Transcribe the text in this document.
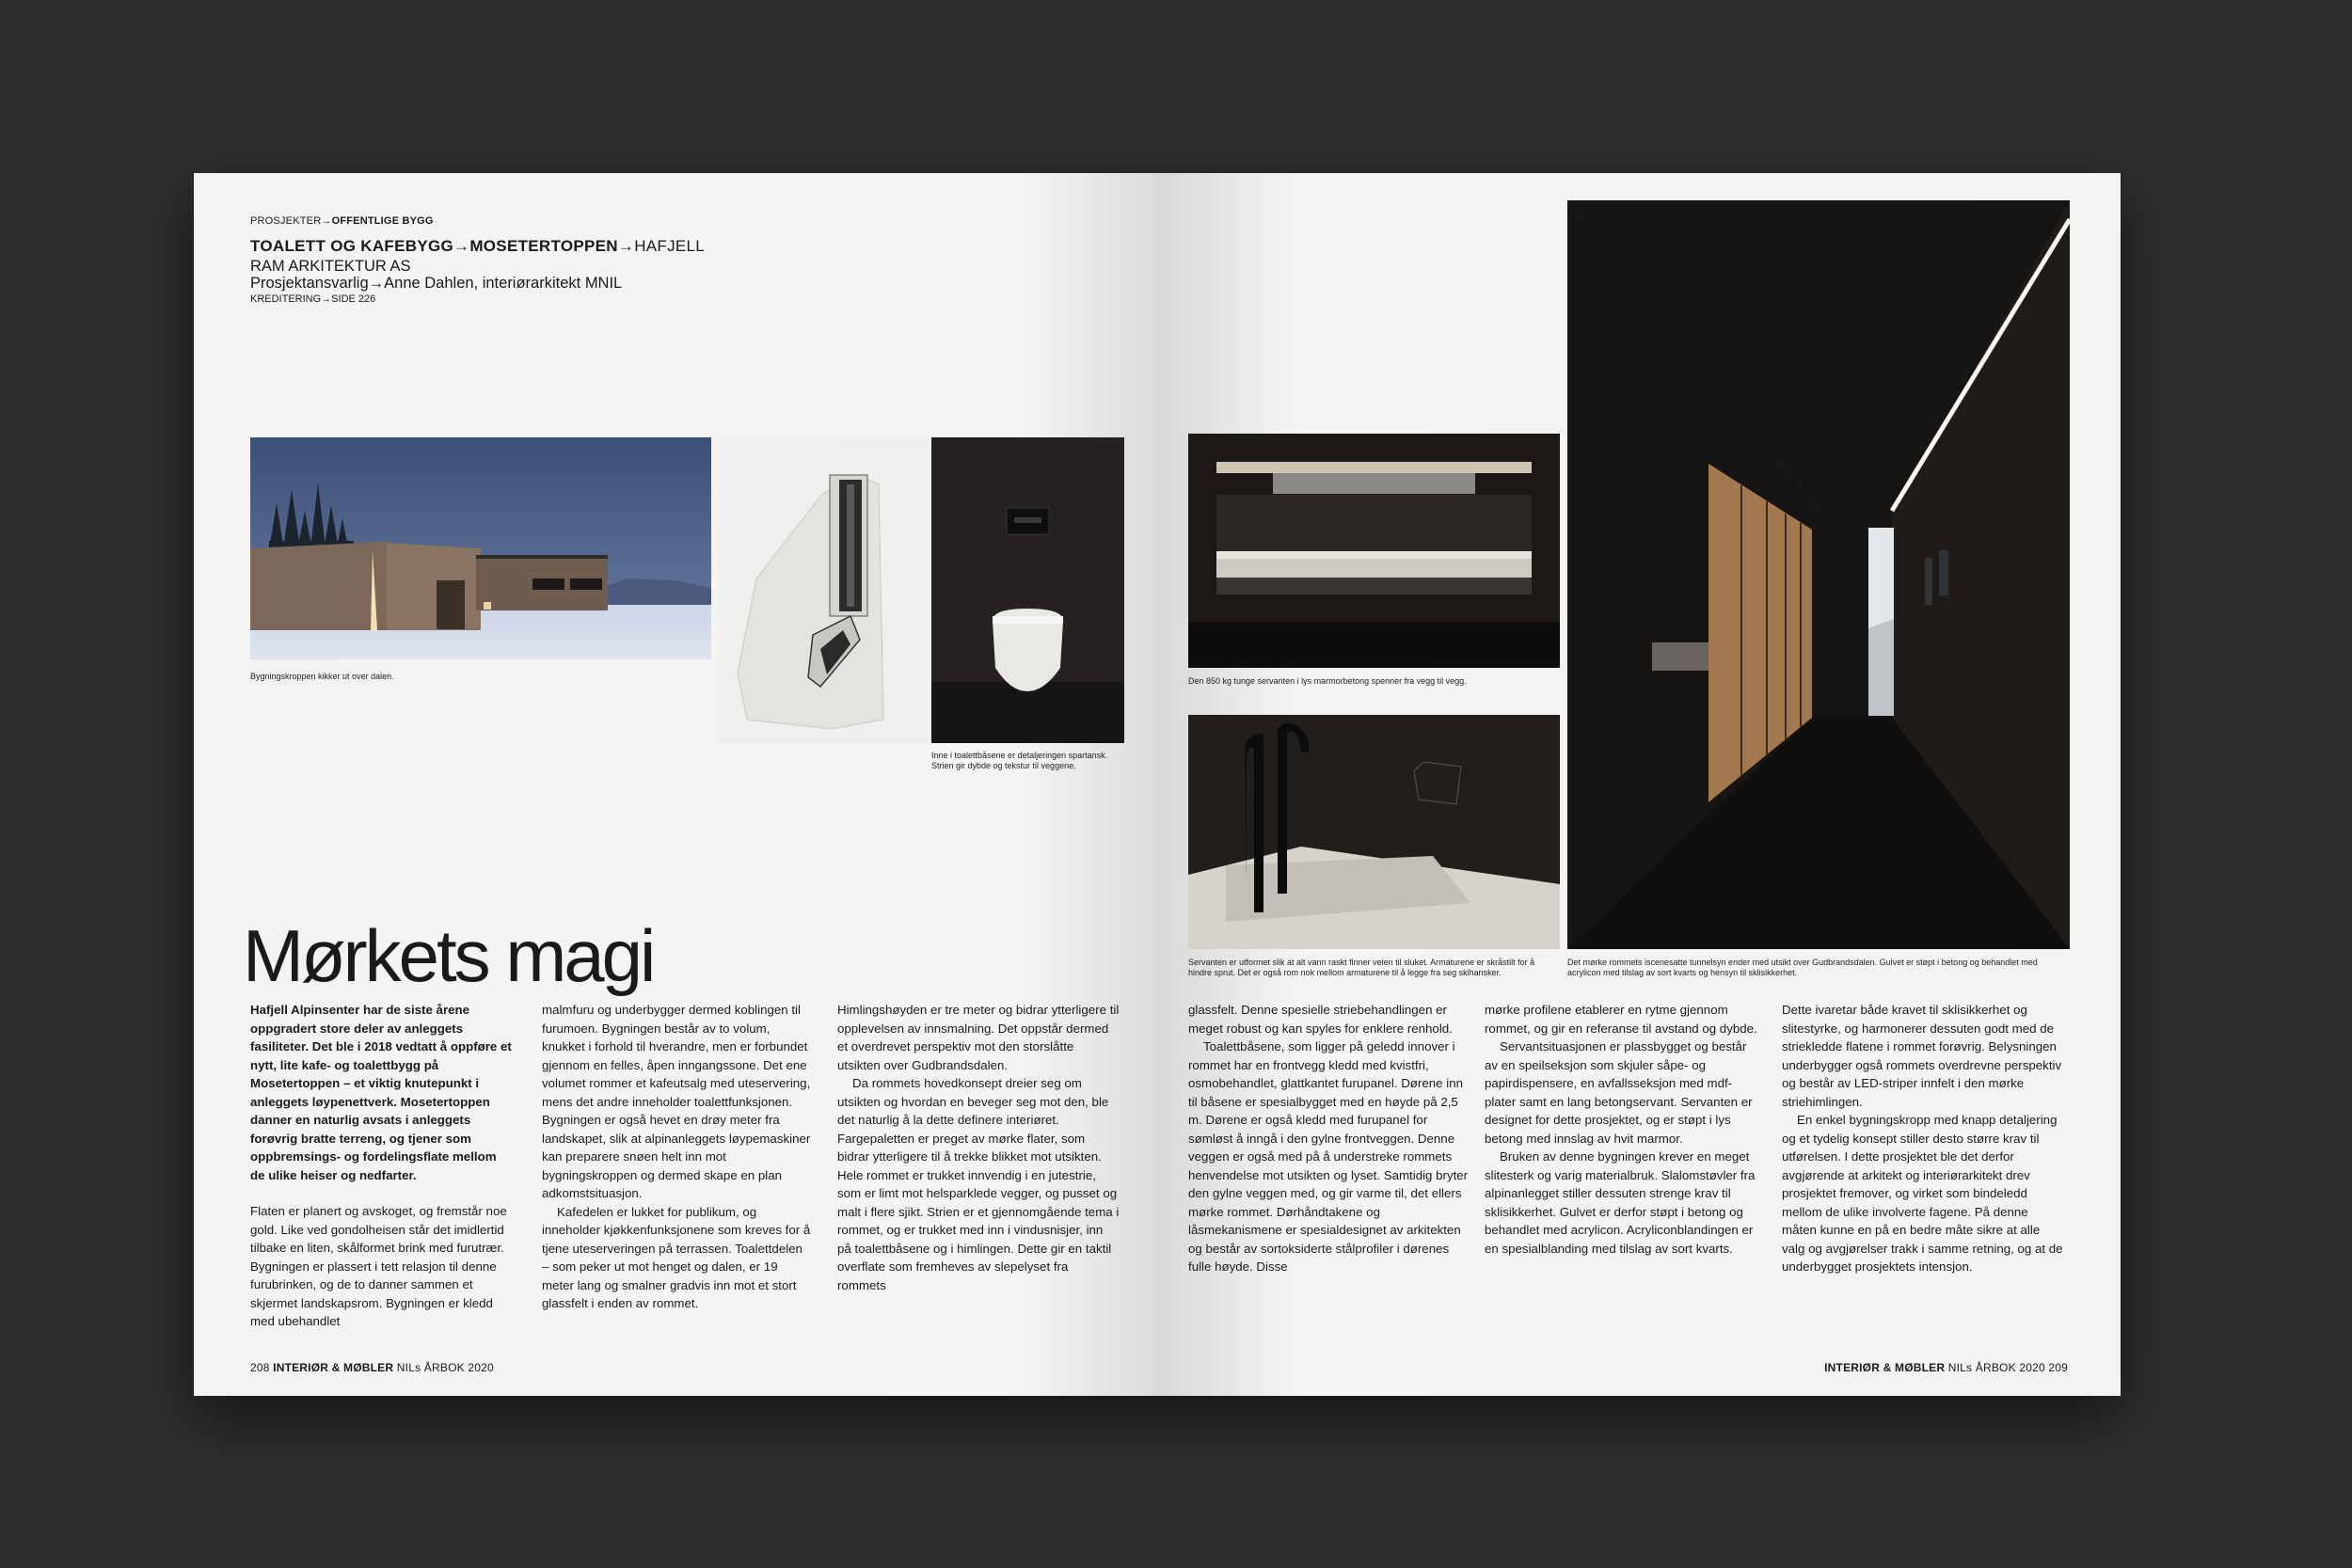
PROSJEKTER→OFFENTLIGE BYGG
TOALETT OG KAFEBYGG→MOSETERTOPPEN→HAFJELL
RAM ARKITEKTUR AS
Prosjektansvarlig→Anne Dahlen, interiørarkitekt MNIL
KREDITERING→SIDE 226
Bygningskroppen kikker ut over dalen.
Inne i toalettbåsene er detaljeringen spartansk. Strien gir dybde og tekstur til veggene.
Mørkets magi

Hafjell Alpinsenter har de siste årene oppgradert store deler av anleggets fasiliteter. Det ble i 2018 vedtatt å oppføre et nytt, lite kafe- og toalettbygg på Mosetertoppen – et viktig knutepunkt i anleggets løypenettverk. Mosetertoppen danner en naturlig avsats i anleggets forøvrig bratte terreng, og tjener som oppbremsings- og fordelingsflate mellom de ulike heiser og nedfarter.

Flaten er planert og avskoget, og fremstår noe gold. Like ved gondolheisen står det imidlertid tilbake en liten, skålformet brink med furutrær. Bygningen er plassert i tett relasjon til denne furubrinken, og de to danner sammen et skjermet landskapsrom. Bygningen er kledd med ubehandlet

malmfuru og underbygger dermed koblingen til furumoen. Bygningen består av to volum, knukket i forhold til hverandre, men er forbundet gjennom en felles, åpen inngangssone. Det ene volumet rommer et kafeutsalg med uteservering, mens det andre inneholder toalettfunksjonen. Bygningen er også hevet en drøy meter fra landskapet, slik at alpinanleggets løypemaskiner kan preparere snøen helt inn mot bygningskroppen og dermed skape en plan adkomstsituasjon.

Kafedelen er lukket for publikum, og inneholder kjøkkenfunksjonene som kreves for å tjene uteserveringen på terrassen. Toalettdelen – som peker ut mot henget og dalen, er 19 meter lang og smalner gradvis inn mot et stort glassfelt i enden av rommet.

Himlingshøyden er tre meter og bidrar ytterligere til opplevelsen av innsmalning. Det oppstår dermed et overdrevet perspektiv mot den storslåtte utsikten over Gudbrandsdalen.

Da rommets hovedkonsept dreier seg om utsikten og hvordan en beveger seg mot den, ble det naturlig å la dette definere interiøret. Fargepaletten er preget av mørke flater, som bidrar ytterligere til å trekke blikket mot utsikten. Hele rommet er trukket innvendig i en jutestrie, som er limt mot helsparklede vegger, og pusset og malt i flere sjikt. Strien er et gjennomgående tema i rommet, og er trukket med inn i vindusnisjer, inn på toalettbåsene og i himlingen. Dette gir en taktil overflate som fremheves av slepelyset fra rommets

208 INTERIØR & MØBLER NILs ÅRBOK 2020
Den 850 kg tunge servanten i lys marmorbetong spenner fra vegg til vegg.
Servanten er utformet slik at alt vann raskt finner veien til sluket. Armaturene er skråstilt for å hindre sprut. Det er også rom nok mellom armaturene til å legge fra seg skihansker.
Det mørke rommets iscenesatte tunnelsyn ender med utsikt over Gudbrandsdalen. Gulvet er støpt i betong og behandlet med acrylicon med tilslag av sort kvarts og hensyn til sklisikkerhet.

glassfelt. Denne spesielle striebehandlingen er meget robust og kan spyles for enklere renhold.

Toalettbåsene, som ligger på geledd innover i rommet har en frontvegg kledd med kvistfri, osmobehandlet, glattkantet furupanel. Dørene inn til båsene er spesialbygget med en høyde på 2,5 m. Dørene er også kledd med furupanel for sømløst å inngå i den gylne frontveggen. Denne veggen er også med på å understreke rommets henvendelse mot utsikten og lyset. Samtidig bryter den gylne veggen med, og gir varme til, det ellers mørke rommet. Dørhåndtakene og låsmekanismene er spesialdesignet av arkitekten og består av sortoksiderte stålprofiler i dørenes fulle høyde. Disse

mørke profilene etablerer en rytme gjennom rommet, og gir en referanse til avstand og dybde.

Servantsituasjonen er plassbygget og består av en speilseksjon som skjuler såpe- og papirdispensere, en avfallsseksjon med mdf-plater samt en lang betongservant. Servanten er designet for dette prosjektet, og er støpt i lys betong med innslag av hvit marmor.

Bruken av denne bygningen krever en meget slitesterk og varig materialbruk. Slalomstøvler fra alpinanlegget stiller dessuten strenge krav til sklisikkerhet. Gulvet er derfor støpt i betong og behandlet med acrylicon. Acryliconblandingen er en spesialblanding med tilslag av sort kvarts.

Dette ivaretar både kravet til sklisikkerhet og slitestyrke, og harmonerer dessuten godt med de striekledde flatene i rommet forøvrig. Belysningen underbygger også rommets overdrevne perspektiv og består av LED-striper innfelt i den mørke striehimlingen.

En enkel bygningskropp med knapp detaljering og et tydelig konsept stiller desto større krav til utførelsen. I dette prosjektet ble det derfor avgjørende at arkitekt og interiørarkitekt drev prosjektet fremover, og virket som bindeledd mellom de ulike involverte fagene. På denne måten kunne en på en bedre måte sikre at alle valg og avgjørelser trakk i samme retning, og at de underbygget prosjektets intensjon.

INTERIØR & MØBLER NILs ÅRBOK 2020 209
